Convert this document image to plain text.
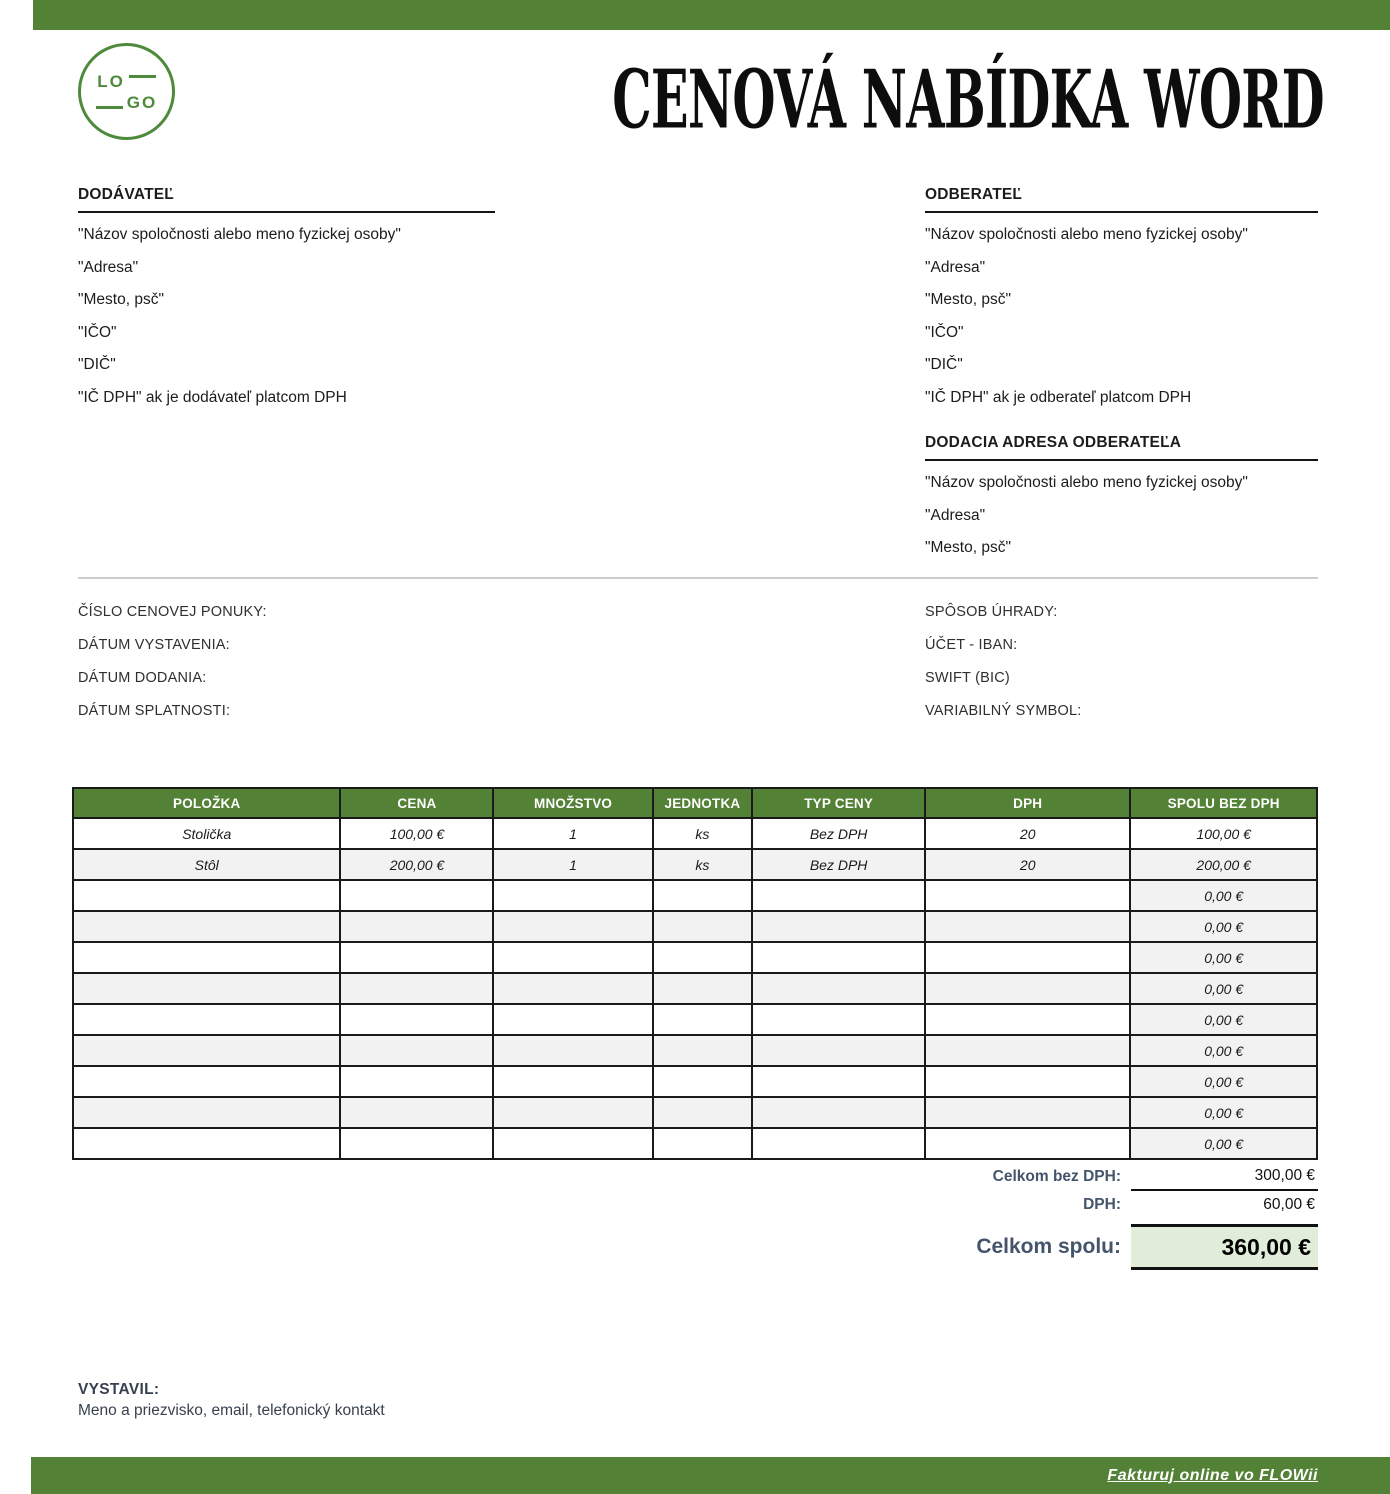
LO
GO	CENOVÁ NABÍDKA WORD
DODÁVATEĽ
"Názov spoločnosti alebo meno fyzickej osoby"
"Adresa"
"Mesto, psč"
"IČO"
"DIČ"
"IČ DPH" ak je dodávateľ platcom DPH
ODBERATEĽ
"Názov spoločnosti alebo meno fyzickej osoby"
"Adresa"
"Mesto, psč"
"IČO"
"DIČ"
"IČ DPH" ak je odberateľ platcom DPH
DODACIA ADRESA ODBERATEĽA
"Názov spoločnosti alebo meno fyzickej osoby"
"Adresa"
"Mesto, psč"
ČÍSLO CENOVEJ PONUKY:
DÁTUM VYSTAVENIA:
DÁTUM DODANIA:
DÁTUM SPLATNOSTI:
SPÔSOB ÚHRADY:
ÚČET - IBAN:
SWIFT (BIC)
VARIABILNÝ SYMBOL:
POLOŽKA	CENA	MNOŽSTVO	JEDNOTKA	TYP CENY	DPH	SPOLU BEZ DPH
Stolička	100,00 €	1	ks	Bez DPH	20	100,00 €
Stôl	200,00 €	1	ks	Bez DPH	20	200,00 €
						0,00 €
						0,00 €
						0,00 €
						0,00 €
						0,00 €
						0,00 €
						0,00 €
						0,00 €
						0,00 €
Celkom bez DPH:	300,00 €
DPH:	60,00 €
Celkom spolu:	360,00 €
VYSTAVIL:
Meno a priezvisko, email, telefonický kontakt
Fakturuj online vo FLOWii
